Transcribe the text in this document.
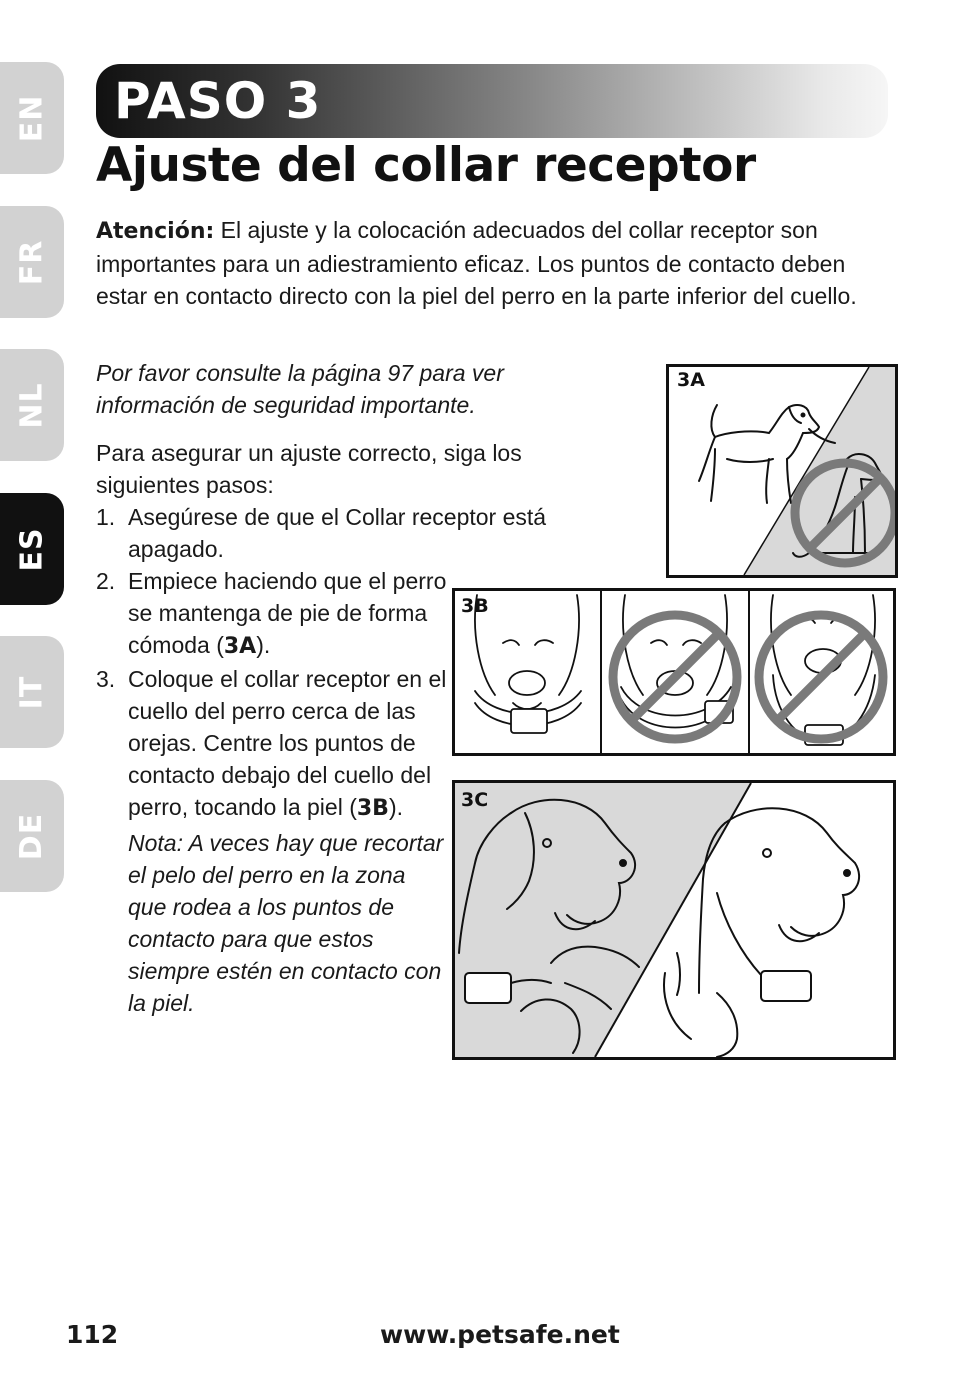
EN
FR
NL
ES
IT
DE
PASO 3
Ajuste del collar receptor

Atención: El ajuste y la colocación adecuados del collar receptor son importantes para un adiestramiento eficaz. Los puntos de contacto deben estar en contacto directo con la piel del perro en la parte inferior del cuello.

Por favor consulte la página 97 para ver información de seguridad importante.

Para asegurar un ajuste correcto, siga los siguientes pasos:

1. Asegúrese de que el Collar receptor está apagado.
2. Empiece haciendo que el perro se mantenga de pie de forma cómoda (3A).
3. Coloque el collar receptor en el cuello del perro cerca de las orejas. Centre los puntos de contacto debajo del cuello del perro, tocando la piel (3B).
Nota: A veces hay que recortar el pelo del perro en la zona que rodea a los puntos de contacto para que estos siempre estén en contacto con la piel.
3A
3B
3C
112	www.petsafe.net
